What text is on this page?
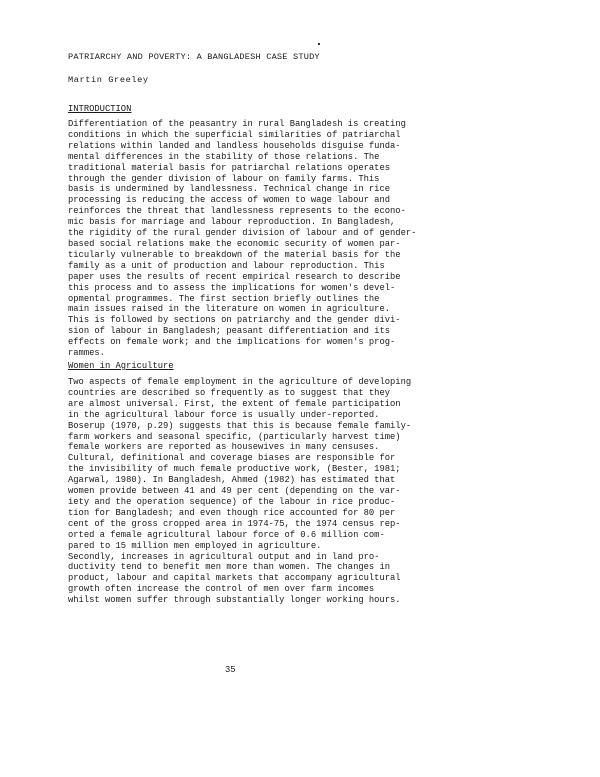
PATRIARCHY AND POVERTY: A BANGLADESH CASE STUDY
Martin Greeley
INTRODUCTION
Differentiation of the peasantry in rural Bangladesh is creating
conditions in which the superficial similarities of patriarchal
relations within landed and landless households disguise funda-
mental differences in the stability of those relations. The
traditional material basis for patriarchal relations operates
through the gender division of labour on family farms. This
basis is undermined by landlessness. Technical change in rice
processing is reducing the access of women to wage labour and
reinforces the threat that landlessness represents to the econo-
mic basis for marriage and labour reproduction. In Bangladesh,
the rigidity of the rural gender division of labour and of gender-
based social relations make the economic security of women par-
ticularly vulnerable to breakdown of the material basis for the
family as a unit of production and labour reproduction. This
paper uses the results of recent empirical research to describe
this process and to assess the implications for women's devel-
opmental programmes. The first section briefly outlines the
main issues raised in the literature on women in agriculture.
This is followed by sections on patriarchy and the gender divi-
sion of labour in Bangladesh; peasant differentiation and its
effects on female work; and the implications for women's prog-
rammes.
Women in Agriculture
Two aspects of female employment in the agriculture of developing
countries are described so frequently as to suggest that they
are almost universal. First, the extent of female participation
in the agricultural labour force is usually under-reported.
Boserup (1970, p.29) suggests that this is because female family-
farm workers and seasonal specific, (particularly harvest time)
female workers are reported as housewives in many censuses.
Cultural, definitional and coverage biases are responsible for
the invisibility of much female productive work, (Bester, 1981;
Agarwal, 1980). In Bangladesh, Ahmed (1982) has estimated that
women provide between 41 and 49 per cent (depending on the var-
iety and the operation sequence) of the labour in rice produc-
tion for Bangladesh; and even though rice accounted for 80 per
cent of the gross cropped area in 1974-75, the 1974 census rep-
orted a female agricultural labour force of 0.6 million com-
pared to 15 million men employed in agriculture.
Secondly, increases in agricultural output and in land pro-
ductivity tend to benefit men more than women. The changes in
product, labour and capital markets that accompany agricultural
growth often increase the control of men over farm incomes
whilst women suffer through substantially longer working hours.
35
